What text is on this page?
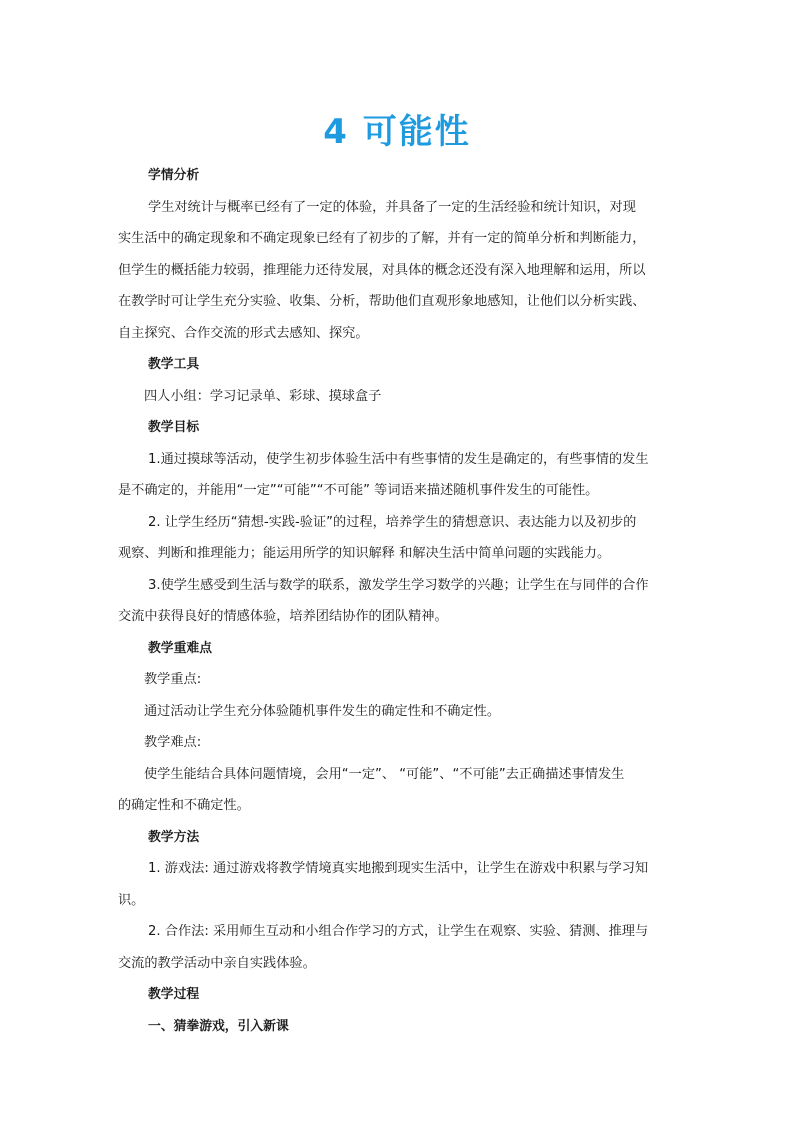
4 可能性
学情分析
学生对统计与概率已经有了一定的体验，并具备了一定的生活经验和统计知识，对现
实生活中的确定现象和不确定现象已经有了初步的了解，并有一定的简单分析和判断能力，
但学生的概括能力较弱，推理能力还待发展，对具体的概念还没有深入地理解和运用，所以
在教学时可让学生充分实验、收集、分析，帮助他们直观形象地感知，让他们以分析实践、
自主探究、合作交流的形式去感知、探究。
教学工具
四人小组：学习记录单、彩球、摸球盒子
教学目标
1.通过摸球等活动，使学生初步体验生活中有些事情的发生是确定的，有些事情的发生
是不确定的，并能用“一定”“可能”“不可能” 等词语来描述随机事件发生的可能性。
2. 让学生经历“猜想-实践-验证”的过程，培养学生的猜想意识、表达能力以及初步的
观察、判断和推理能力；能运用所学的知识解释 和解决生活中简单问题的实践能力。
3.使学生感受到生活与数学的联系，激发学生学习数学的兴趣；让学生在与同伴的合作
交流中获得良好的情感体验，培养团结协作的团队精神。
教学重难点
教学重点:
通过活动让学生充分体验随机事件发生的确定性和不确定性。
教学难点:
使学生能结合具体问题情境，会用“一定”、 “可能”、“不可能”去正确描述事情发生
的确定性和不确定性。
教学方法
1. 游戏法: 通过游戏将教学情境真实地搬到现实生活中，让学生在游戏中积累与学习知
识。
2. 合作法: 采用师生互动和小组合作学习的方式，让学生在观察、实验、猜测、推理与
交流的教学活动中亲自实践体验。
教学过程
一、猜拳游戏，引入新课
